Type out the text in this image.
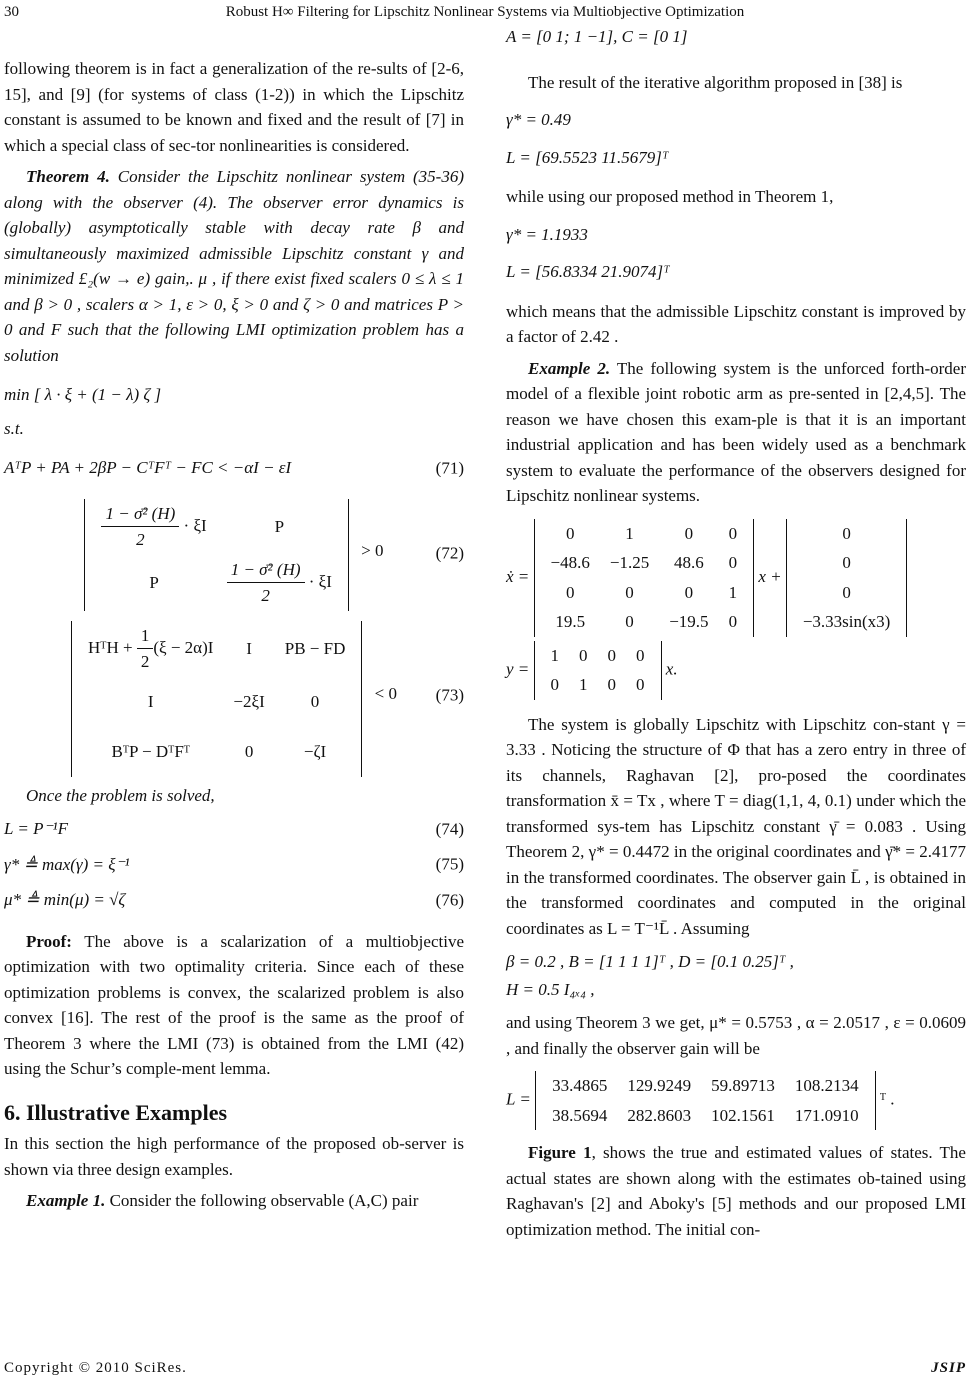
30	Robust H∞ Filtering for Lipschitz Nonlinear Systems via Multiobjective Optimization

following theorem is in fact a generalization of the re-sults of [2-6, 15], and [9] (for systems of class (1-2)) in which the Lipschitz constant is assumed to be known and fixed and the result of [7] in which a special class of sec-tor nonlinearities is considered.

Theorem 4. Consider the Lipschitz nonlinear system (35-36) along with the observer (4). The observer error dynamics is (globally) asymptotically stable with decay rate β and simultaneously maximized admissible Lipschitz constant γ and minimized £₂(w → e) gain,. μ , if there exist fixed scalers 0 ≤ λ ≤ 1 and β > 0 , scalers α > 1, ε > 0, ξ > 0 and ζ > 0 and matrices P > 0 and F such that the following LMI optimization problem has a solution

min [ λ · ξ + (1 − λ) ζ ]

s.t.

AᵀP + PA + 2βP − CᵀFᵀ − FC < −αI − εI	(71)

$\frac{\text{1 − σ̄² (H)}}{2} \cdot \xi I$	P
P	$\frac{\text{1 − σ̄² (H)}}{2} \cdot \xi I$
> 0	(72)
HᵀH + $\frac{1}{2} (\xi - 2\alpha)I$	I	PB − FD
I	−2ξI	0
BᵀP − DᵀFᵀ	0	−ζI
< 0 (73)

Once the problem is solved,

L = P⁻¹F	(74)

γ* ≜ max(γ) = ξ⁻¹	(75)

μ* ≜ min(μ) = √ζ	(76)

Proof: The above is a scalarization of a multiobjective optimization with two optimality criteria. Since each of these optimization problems is convex, the scalarized problem is also convex [16]. The rest of the proof is the same as the proof of Theorem 3 where the LMI (73) is obtained from the LMI (42) using the Schur’s comple-ment lemma.

6. Illustrative Examples

In this section the high performance of the proposed ob-server is shown via three design examples.

Example 1. Consider the following observable (A,C) pair

A = [0 1; 1 −1], C = [0 1]

The result of the iterative algorithm proposed in [38] is

γ* = 0.49

L = [69.5523 11.5679]ᵀ

while using our proposed method in Theorem 1,

γ* = 1.1933

L = [56.8334 21.9074]ᵀ

which means that the admissible Lipschitz constant is improved by a factor of 2.42 .

Example 2. The following system is the unforced forth-order model of a flexible joint robotic arm as pre-sented in [2,4,5]. The reason we have chosen this exam-ple is that it is an important industrial application and has been widely used as a benchmark system to evaluate the performance of the observers designed for Lipschitz nonlinear systems.

ẋ =
0	1	0	0
−48.6	−1.25	48.6	0
0	0	0	1
19.5	0	−19.5	0
x +
0
0
0
−3.33sin(x3)
y =
1	0	0	0
0	1	0	0
x.

The system is globally Lipschitz with Lipschitz con-stant γ = 3.33 . Noticing the structure of Φ that has a zero entry in three of its channels, Raghavan [2], pro-posed the coordinates transformation x̄ = Tx , where T = diag(1,1, 4, 0.1) under which the transformed sys-tem has Lipschitz constant γ̄ = 0.083 . Using Theorem 2, γ* = 0.4472 in the original coordinates and γ̄* = 2.4177 in the transformed coordinates. The observer gain L̄ , is obtained in the transformed coordinates and computed in the original coordinates as L = T⁻¹L̄ . Assuming

β = 0.2 , B = [1 1 1 1]ᵀ , D = [0.1 0.25]ᵀ ,

H = 0.5 I₄ₓ₄ ,

and using Theorem 3 we get, μ* = 0.5753 , α = 2.0517 , ε = 0.0609 , and finally the observer gain will be

L =
33.4865	129.9249	59.89713	108.2134
38.5694	282.8603	102.1561	171.0910
ᵀ .

Figure 1, shows the true and estimated values of states. The actual states are shown along with the estimates ob-tained using Raghavan's [2] and Aboky's [5] methods and our proposed LMI optimization method. The initial con-

Copyright © 2010 SciRes.	JSIP
